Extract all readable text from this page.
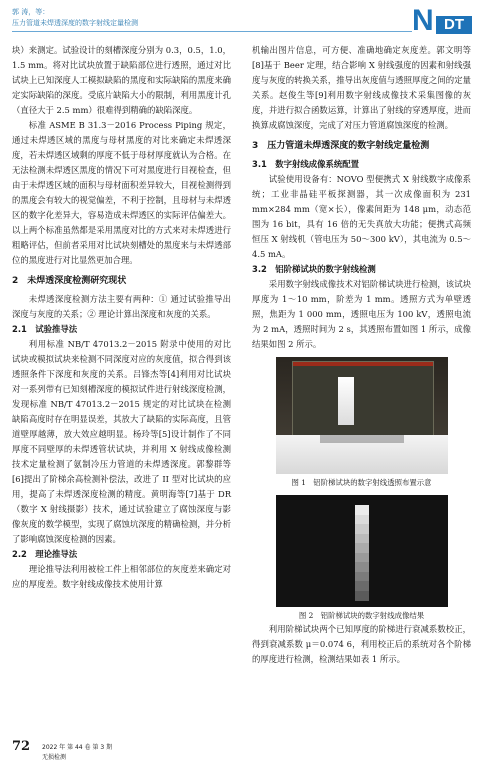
郭 涛，等：
压力管道未焊透深度的数字射线定量检测	N DT

块）来测定。试验设计的刻槽深度分别为 0.3，0.5，1.0，1.5 mm。将对比试块放置于缺陷部位进行透照，通过对比试块上已知深度人工模拟缺陷的黑度和实际缺陷的黑度来确定实际缺陷的深度。受底片缺陷大小的限制，利用黑度计孔（直径大于 2.5 mm）很难得到精确的缺陷深度。

标准 ASME B 31.3－2016 Process Piping 规定，通过未焊透区域的黑度与母材黑度的对比来确定未焊透深度，若未焊透区域剩的厚度不低于母材厚度就认为合格。在无法检测未焊透区黑度的情况下可对黑度进行目视检查，但由于未焊透区域的面积与母材面积差异较大，目视检测得到的黑度会有较大的视觉偏差，不利于控制，且母材与未焊透区的数字化差异大，容易造成未焊透区的实际评估偏差大。以上两个标准虽然都是采用黑度对比的方式来对未焊透进行粗略评估，但前者采用对比试块刻槽处的黑度来与未焊透部位的黑度进行对比显然更加合理。

2　未焊透深度检测研究现状

未焊透深度检测方法主要有两种：① 通过试验推导出深度与灰度的关系；② 理论计算出深度和灰度的关系。

2.1　试验推导法

利用标准 NB/T 47013.2－2015 附录中使用的对比试块或模拟试块来检测不同深度对应的灰度值，拟合得到该透照条件下深度和灰度的关系。吕锋杰等[4]利用对比试块对一系列带有已知刻槽深度的模拟试件进行射线深度检测，发现标准 NB/T 47013.2－2015 规定的对比试块在检测缺陷高度时存在明显误差，其放大了缺陷的实际高度，且管道壁厚越薄，放大效应越明显。杨玲等[5]设计制作了不同厚度不同壁厚的未焊透管状试块，并利用 X 射线成像检测技术定量检测了氨制冷压力管道的未焊透深度。郭黎群等[6]提出了阶梯余高检测补偿法，改进了 II 型对比试块的应用，提高了未焊透深度检测的精度。黄明海等[7]基于 DR（数字 X 射线摄影）技术，通过试验建立了腐蚀深度与影像灰度的数学模型，实现了腐蚀坑深度的精确检测，并分析了影响腐蚀深度检测的因素。

2.2　理论推导法

理论推导法利用被检工件上相邻部位的灰度差来确定对应的厚度差。数字射线成像技术使用计算

机输出图片信息，可方便、准确地确定灰度差。郭文明等[8]基于 Beer 定理，结合影响 X 射线强度的因素和射线强度与灰度的转换关系，推导出灰度值与透照厚度之间的定量关系。赵俊生等[9]利用数字射线成像技术采集图像的灰度，并进行拟合函数运算，计算出了射线的穿透厚度，进而换算成腐蚀深度，完成了对压力管道腐蚀深度的检测。

3　压力管道未焊透深度的数字射线定量检测
3.1　数字射线成像系统配置

试验使用设备有：NOVO 型便携式 X 射线数字成像系统；工业非晶硅平板探测器，其一次成像面积为 231 mm×284 mm（宽×长），像素间距为 148 μm，动态范围为 16 bit，具有 16 倍的无失真放大功能；便携式高频恒压 X 射线机（管电压为 50～300 kV），其电流为 0.5～4.5 mA。

3.2　铝阶梯试块的数字射线检测

采用数字射线成像技术对铝阶梯试块进行检测，该试块厚度为 1～10 mm，阶差为 1 mm。透照方式为单壁透照，焦距为 1 000 mm，透照电压为 100 kV，透照电流为 2 mA，透照时间为 2 s，其透照布置如图 1 所示，成像结果如图 2 所示。

图 1　铝阶梯试块的数字射线透照布置示意
图 2　铝阶梯试块的数字射线成像结果

利用阶梯试块两个已知厚度的阶梯进行衰减系数校正，得到衰减系数 μ＝0.074 6，利用校正后的系统对各个阶梯的厚度进行检测，检测结果如表 1 所示。

72 2022 年 第 44 卷 第 3 期
无损检测
